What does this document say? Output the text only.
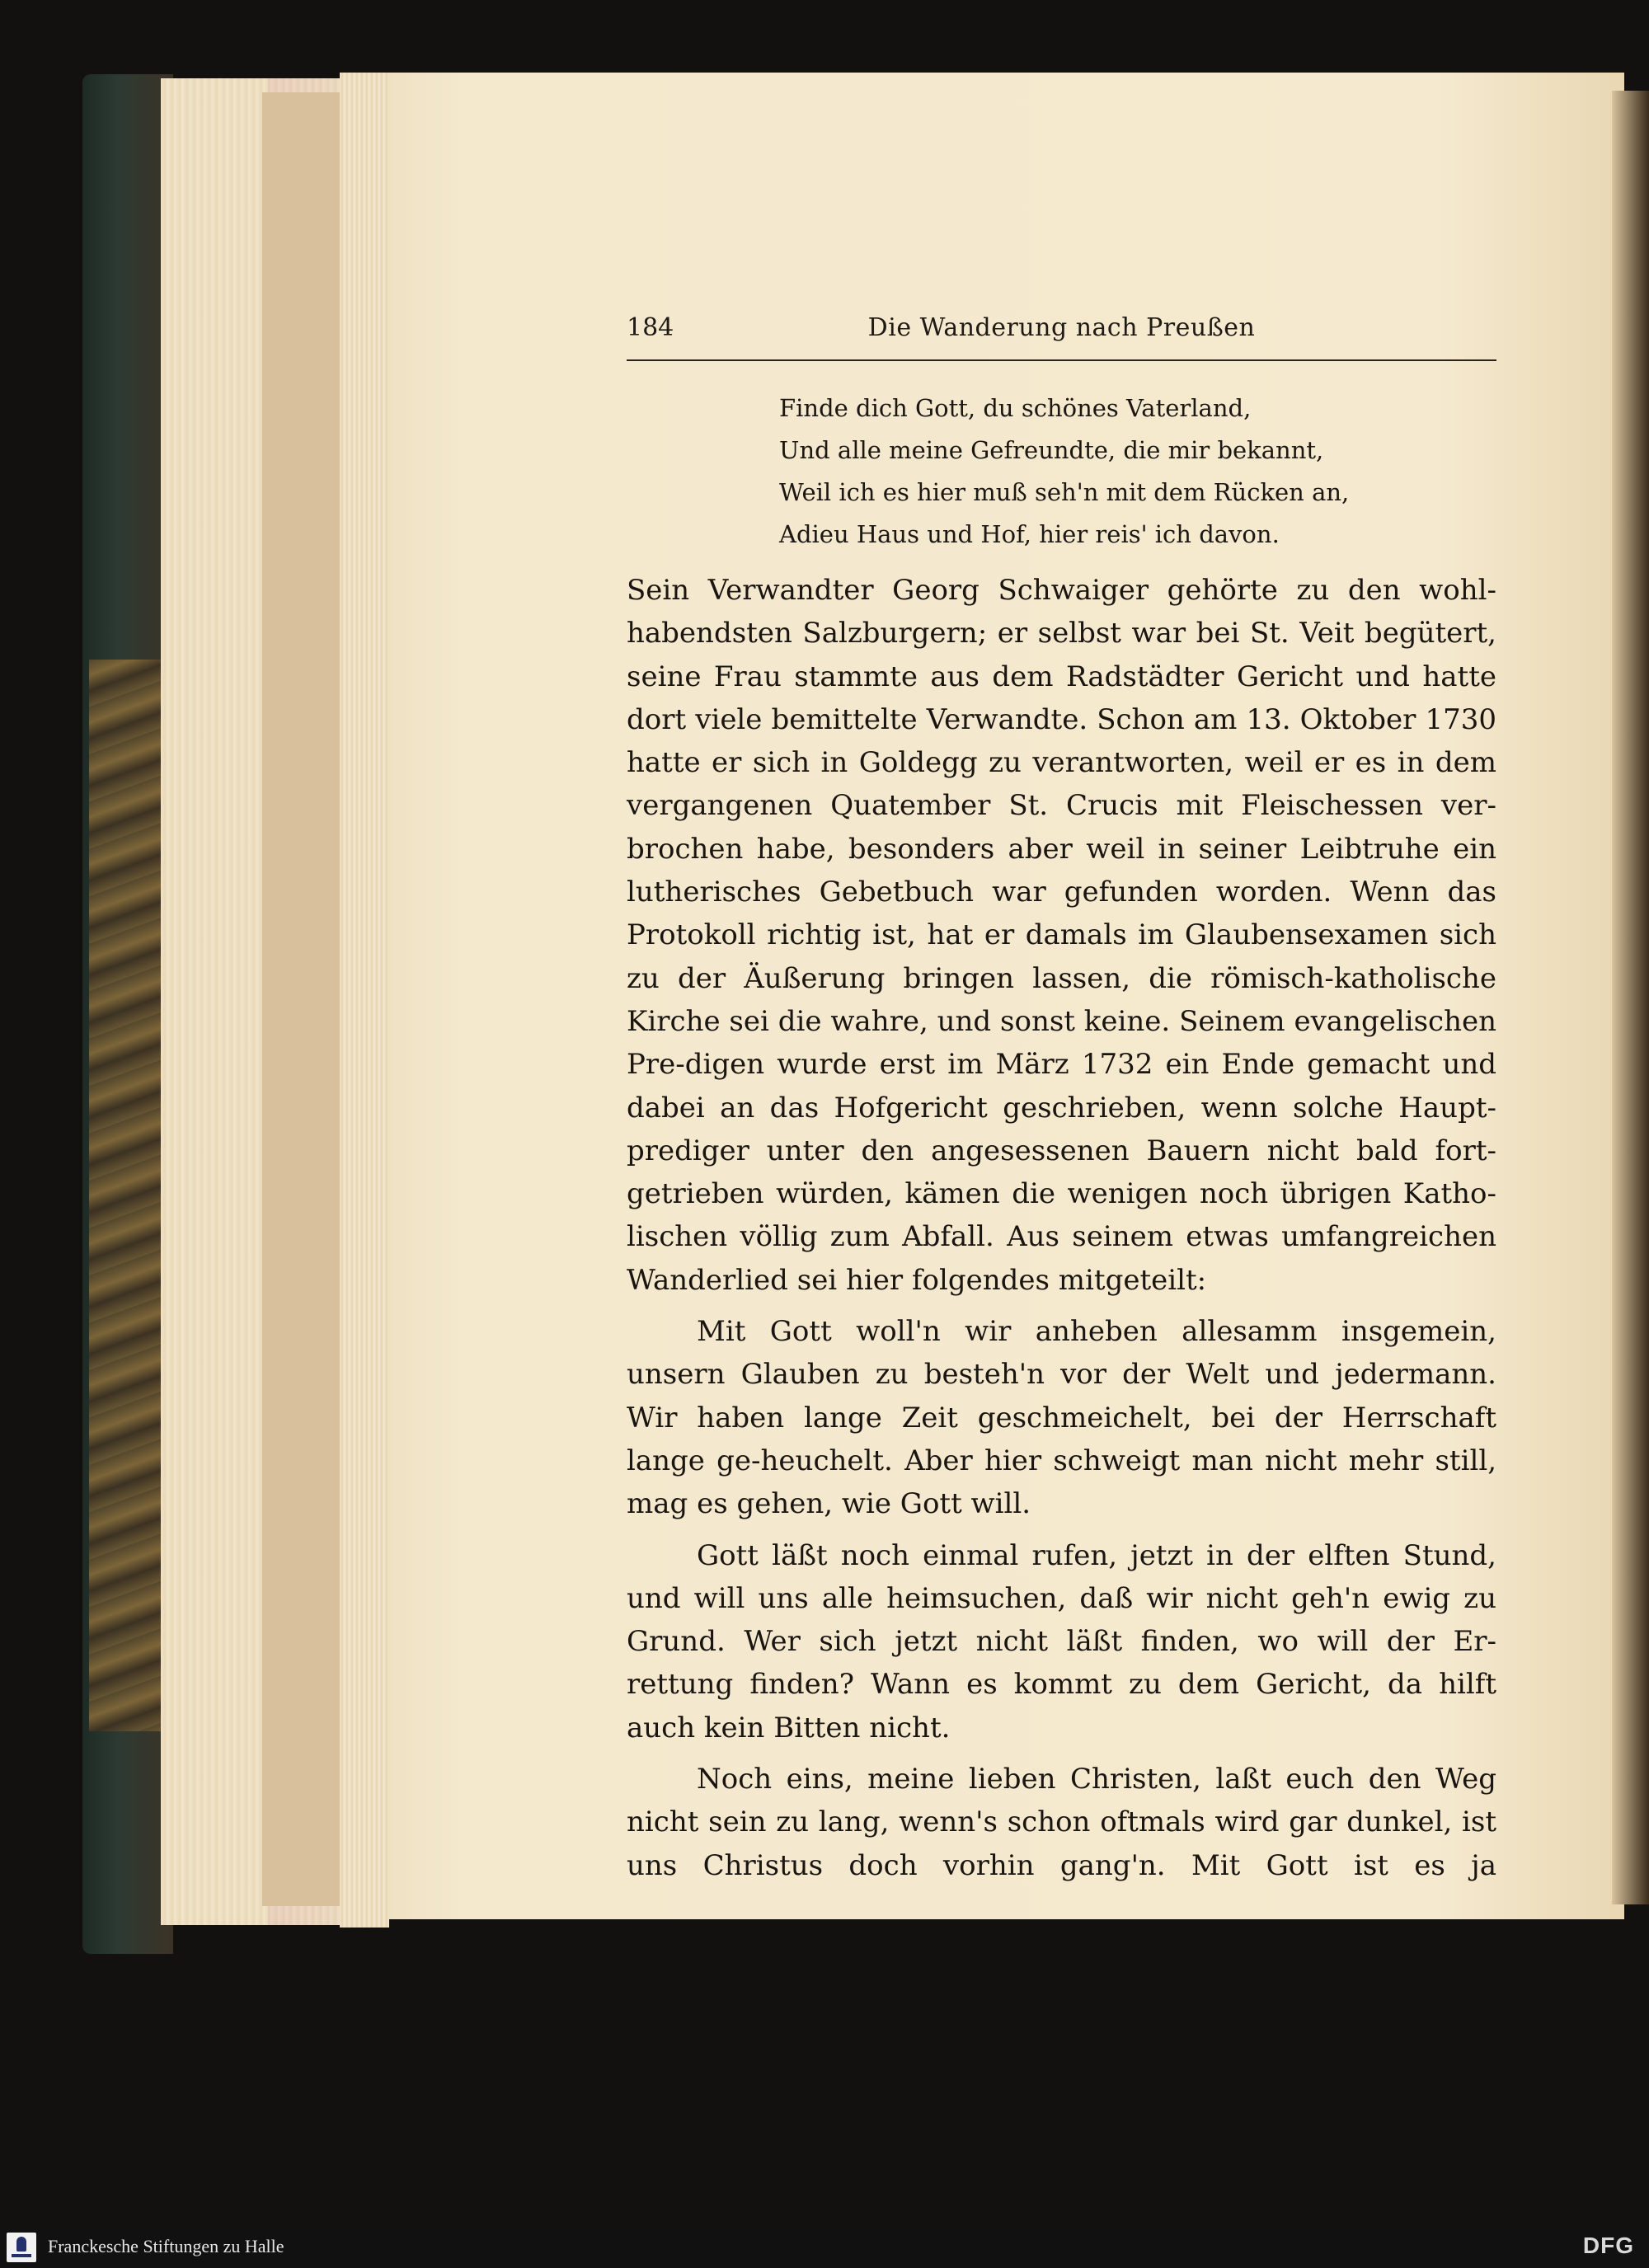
184	Die Wanderung nach Preußen
Finde dich Gott, du schönes Vaterland,
Und alle meine Gefreundte, die mir bekannt,
Weil ich es hier muß seh'n mit dem Rücken an,
Adieu Haus und Hof, hier reis' ich davon.

Sein Verwandter Georg Schwaiger gehörte zu den wohl-habendsten Salzburgern; er selbst war bei St. Veit begütert, seine Frau stammte aus dem Radstädter Gericht und hatte dort viele bemittelte Verwandte. Schon am 13. Oktober 1730 hatte er sich in Goldegg zu verantworten, weil er es in dem vergangenen Quatember St. Crucis mit Fleischessen ver-brochen habe, besonders aber weil in seiner Leibtruhe ein lutherisches Gebetbuch war gefunden worden. Wenn das Protokoll richtig ist, hat er damals im Glaubensexamen sich zu der Äußerung bringen lassen, die römisch-katholische Kirche sei die wahre, und sonst keine. Seinem evangelischen Pre-digen wurde erst im März 1732 ein Ende gemacht und dabei an das Hofgericht geschrieben, wenn solche Haupt-prediger unter den angesessenen Bauern nicht bald fort-getrieben würden, kämen die wenigen noch übrigen Katho-lischen völlig zum Abfall. Aus seinem etwas umfangreichen Wanderlied sei hier folgendes mitgeteilt:

Mit Gott woll'n wir anheben allesamm insgemein, unsern Glauben zu besteh'n vor der Welt und jedermann. Wir haben lange Zeit geschmeichelt, bei der Herrschaft lange ge-heuchelt. Aber hier schweigt man nicht mehr still, mag es gehen, wie Gott will.

Gott läßt noch einmal rufen, jetzt in der elften Stund, und will uns alle heimsuchen, daß wir nicht geh'n ewig zu Grund. Wer sich jetzt nicht läßt finden, wo will der Er-rettung finden? Wann es kommt zu dem Gericht, da hilft auch kein Bitten nicht.

Noch eins, meine lieben Christen, laßt euch den Weg nicht sein zu lang, wenn's schon oftmals wird gar dunkel, ist uns Christus doch vorhin gang'n. Mit Gott ist es ja

Franckesche Stiftungen zu Halle	DFG
